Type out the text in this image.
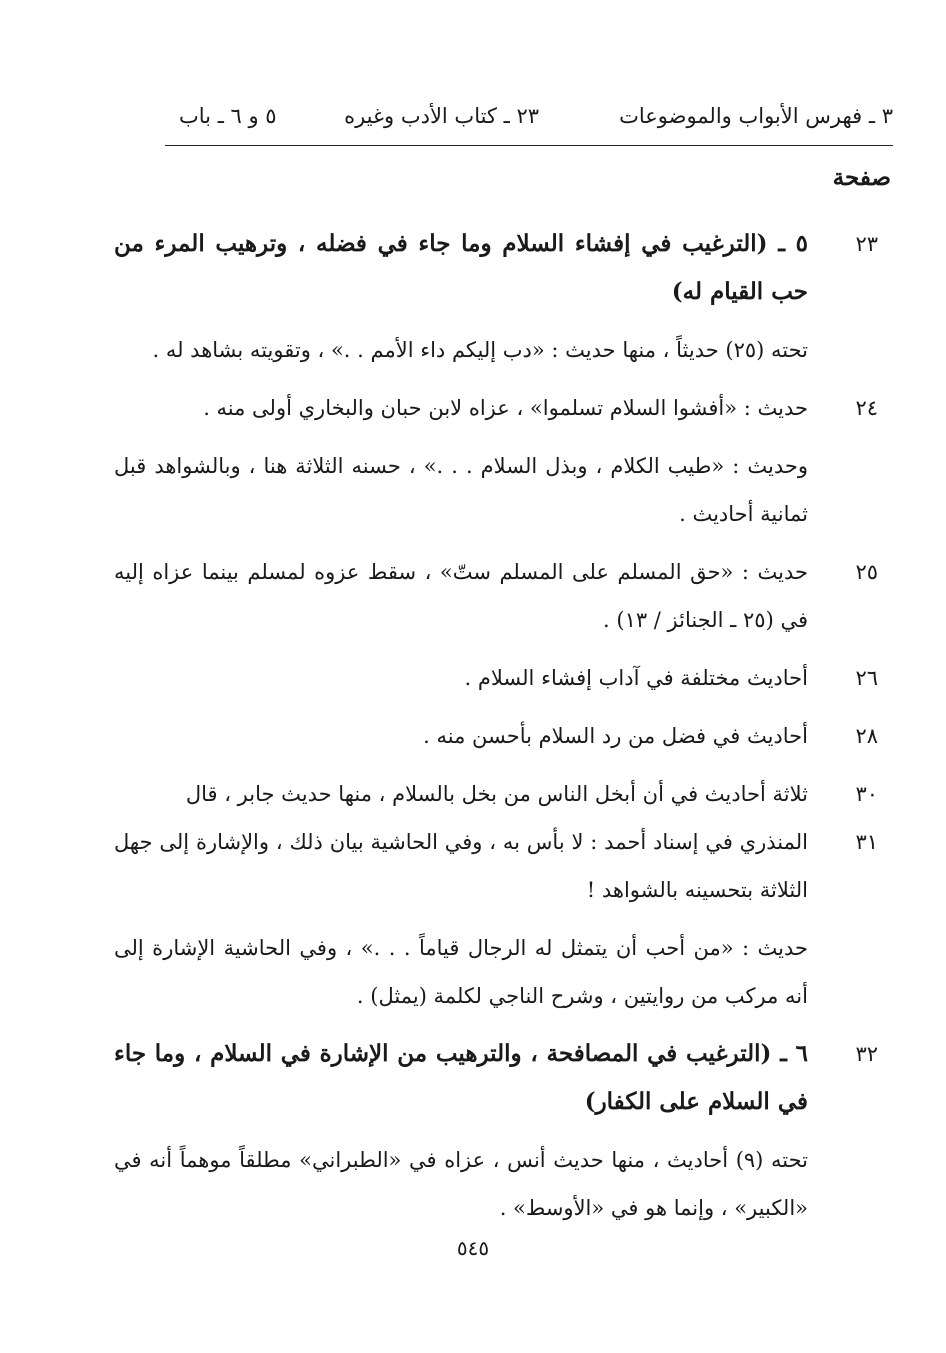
٣ ـ فهرس الأبواب والموضوعات
٢٣ ـ كتاب الأدب وغيره
٥ و ٦ ـ باب
صفحة
٢٣
٥ ـ (الترغيب في إفشاء السلام وما جاء في فضله ، وترهيب المرء من حب القيام له)
تحته (٢٥) حديثاً ، منها حديث : «دب إليكم داء الأمم . .» ، وتقويته بشاهد له .
٢٤
حديث : «أفشوا السلام تسلموا» ، عزاه لابن حبان والبخاري أولى منه .
وحديث : «طيب الكلام ، وبذل السلام . . .» ، حسنه الثلاثة هنا ، وبالشواهد قبل ثمانية أحاديث .
٢٥
حديث : «حق المسلم على المسلم ستّ» ، سقط عزوه لمسلم بينما عزاه إليه في (٢٥ ـ الجنائز / ١٣) .
٢٦
أحاديث مختلفة في آداب إفشاء السلام .
٢٨
أحاديث في فضل من رد السلام بأحسن منه .
٣٠
ثلاثة أحاديث في أن أبخل الناس من بخل بالسلام ، منها حديث جابر ، قال
٣١
المنذري في إسناد أحمد : لا بأس به ، وفي الحاشية بيان ذلك ، والإشارة إلى جهل الثلاثة بتحسينه بالشواهد !
حديث : «من أحب أن يتمثل له الرجال قياماً . . .» ، وفي الحاشية الإشارة إلى أنه مركب من روايتين ، وشرح الناجي لكلمة (يمثل) .
٣٢
٦ ـ (الترغيب في المصافحة ، والترهيب من الإشارة في السلام ، وما جاء في السلام على الكفار)
تحته (٩) أحاديث ، منها حديث أنس ، عزاه في «الطبراني» مطلقاً موهماً أنه في «الكبير» ، وإنما هو في «الأوسط» .
٥٤٥
